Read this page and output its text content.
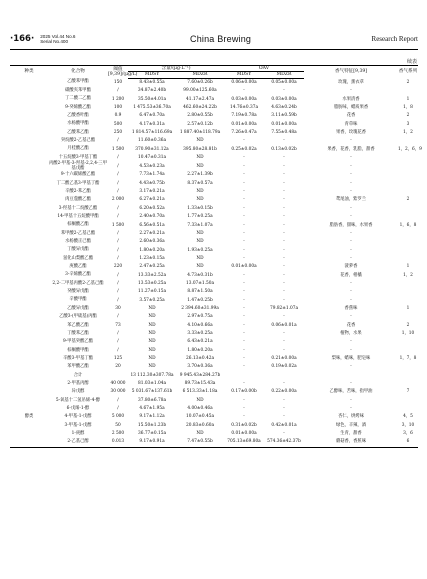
·166· 2025 Vol.44 No.6
Serial No.400	China Brewing	Research Report
续表
种类	化合物	阈值[9,39]/(μg/L)	含量/(μg·L⁻¹)		OAV		香气特征[9,39]	香气系列
			MDSY	MDZR	MDSY	MDZR		
	乙酸苯甲酯	150	8.43±0.55a	7.60±0.26b	0.06±0.00a	0.05±0.00a	玫瑰，薰衣草	2
	碳酸夹苯甲酯	/	34.87±2.40b	99.00±125.60a	-	-	-	
	丁二酸二乙酯	1 200	35.50±4.01a	41.17±2.47a	0.03±0.00a	0.03±0.00a	水果清香	1
	9-癸烯酸乙酯	100	1 475.53±36.70a	462.60±24.22b	14.76±0.37a	4.63±0.24b	脂肪味，蜡质果香	1，8
	乙酸香叶酯	0.9	6.47±0.70a	2.80±0.55b	7.19±0.78a	3.11±0.59b	花香	2
	水杨酸甲酯	500	4.17±0.31a	2.57±0.12b	0.01±0.00a	0.01±0.00a	青草味	3
	乙酸苯乙酯	250	1 814.57±116.69a	1 887.40±118.79a	7.26±0.47a	7.55±0.48a	果香，玫瑰花香	1，2
	癸烷酸2-乙基己酯	/	11.60±0.36a	ND	-	-	-	
	月桂酸乙酯	1 500	370.90±31.12a	395.80±28.81b	0.25±0.02a	0.13±0.02b	果香，花香，乳脂，甜香	1，2，6，9
	十五烷酸3-甲基丁酯	/	10.47±0.31a	ND	-	-	-	
	丙酸2-甲基-3-羟基-2,2,4-三甲基戊酯	/	4.53±0.23a	ND	-	-	-	
	9-十六碳烯酸乙酯	/	7.73±1.74a	2.27±1.39b	-	-	-	
	丁二酸乙基3-甲基丁酯	/	4.43±0.75b	8.37±0.57a	-	-	-	
	辛酸2-苯乙酯	/	3.17±0.21a	ND	-	-	-	
	肉豆蔻酸乙酯	2 000	6.27±0.21a	ND	-	-	鸢尾油，紫罗兰	2
	3-羟基十二烷酸乙酯	/	6.20±0.52a	1.33±0.15b	-	-	-	
	14-甲基十五烷酸甲酯	/	2.40±0.70a	1.77±0.25a	-	-	-	
	棕榈酸乙酯	1 500	6.56±0.51a	7.33±1.07a	-	-	脂肪香，甜味，水果香	1，6，8
	苯甲酸2-乙基己酯	/	2.27±0.21a	ND	-	-	-	
	水杨酸正己酯	/	2.60±0.36a	ND	-	-	-	
	丁酸异戊酯	/	1.80±0.20a	1.93±0.25a	-	-	-	
	氢化山梨酸乙酯	/	1.23±0.15a	ND	-	-	-	
	庚酸乙酯	220	2.47±0.25a	ND	0.01±0.00a	-	菠萝香	1
	3-辛烯酸乙酯	/	13.33±2.52a	4.73±0.31b	-	-	花香，柑橘	1，2
	2,2-二甲基丙酸2-乙基己酯	/	13.53±0.25a	13.07±1.50a	-	-	-	
	癸酸异戊酯	/	11.27±0.15a	8.87±1.50a	-	-	-	
	辛酸甲酯	/	3.57±0.25a	1.47±0.25b	-	-	-	
	乙酸异戊酯	30	ND	2 394.60±31.99a	-	79.82±1.07a	香蕉味	1
	乙酸3-(甲硫基)丙酯	/	ND	2.97±0.75a	-	-	-	
	苯乙酸乙酯	73	ND	4.10±0.66a	-	0.06±0.01a	花香	2
	丁酸苯乙酯	/	ND	3.33±0.25a	-	-	植物，水果	1，10
	9-甲基癸酸乙酯	/	ND	6.43±0.21a	-	-	-	
	棕榈酸甲酯	/	ND	1.80±0.20a	-	-	-	
	辛酸3-甲基丁酯	125	ND	26.13±0.42a	-	0.21±0.00a	梨味，蜡味，肥皂味	1，7，8
	苯甲酸乙酯	20	ND	3.70±0.36a	-	0.19±0.02a	-	
	合计		13 112.30±307.78a	9 945.43±284.27b				
	2-甲基丙醇	40 000	81.03±1.04a	89.73±15.43a	-	-	-	
	异戊醇	30 000	5 031.67±137.61b	6 513.33±1.18a	0.17±0.00b	0.22±0.00a	乙醇味，苦味，指甲油	7
	5-氧基十二氢吊烯-4-醇	/	37.80±6.78a	ND	-	-	-	
	6-戊烯-1-醇	/	4.67±1.95a	4.00±0.46a	-	-	-	
醇类	4-甲基-1-戊醇	5 000	9.17±1.12a	10.07±0.45a	-	-	杏仁，烘烤味	4，5
	3-甲基-1-戊醇	50	15.50±1.23b	20.83±0.60a	0.31±0.02b	0.42±0.01a	绿色，辛辣，酒	3，10
	1-庚醇	2 500	36.77±0.15a	ND	0.01±0.00a	-	生青，甜香	3，6
	2-乙基己醇	0.013	9.17±0.91a	7.47±0.55b	705.13±69.80a	574.36±42.37b	蘑菇香，香蕉味	6
